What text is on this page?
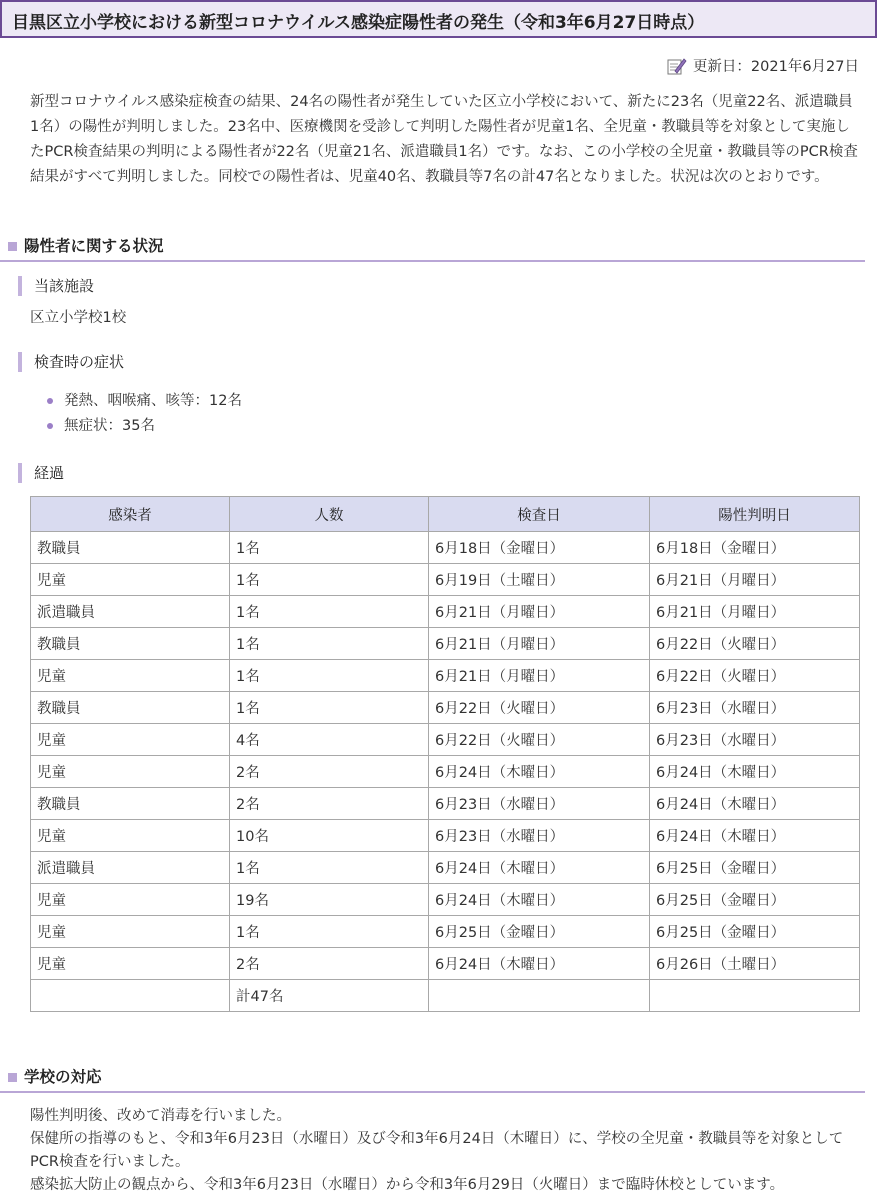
目黒区立小学校における新型コロナウイルス感染症陽性者の発生（令和3年6月27日時点）
更新日：2021年6月27日

新型コロナウイルス感染症検査の結果、24名の陽性者が発生していた区立小学校において、新たに23名（児童22名、派遣職員1名）の陽性が判明しました。23名中、医療機関を受診して判明した陽性者が児童1名、全児童・教職員等を対象として実施したPCR検査結果の判明による陽性者が22名（児童21名、派遣職員1名）です。なお、この小学校の全児童・教職員等のPCR検査結果がすべて判明しました。同校での陽性者は、児童40名、教職員等7名の計47名となりました。状況は次のとおりです。

陽性者に関する状況
当該施設

区立小学校1校

検査時の症状
発熱、咽喉痛、咳等：12名
無症状：35名
経過
感染者	人数	検査日	陽性判明日
教職員	1名	6月18日（金曜日）	6月18日（金曜日）
児童	1名	6月19日（土曜日）	6月21日（月曜日）
派遣職員	1名	6月21日（月曜日）	6月21日（月曜日）
教職員	1名	6月21日（月曜日）	6月22日（火曜日）
児童	1名	6月21日（月曜日）	6月22日（火曜日）
教職員	1名	6月22日（火曜日）	6月23日（水曜日）
児童	4名	6月22日（火曜日）	6月23日（水曜日）
児童	2名	6月24日（木曜日）	6月24日（木曜日）
教職員	2名	6月23日（水曜日）	6月24日（木曜日）
児童	10名	6月23日（水曜日）	6月24日（木曜日）
派遣職員	1名	6月24日（木曜日）	6月25日（金曜日）
児童	19名	6月24日（木曜日）	6月25日（金曜日）
児童	1名	6月25日（金曜日）	6月25日（金曜日）
児童	2名	6月24日（木曜日）	6月26日（土曜日）
	計47名		
学校の対応
陽性判明後、改めて消毒を行いました。
保健所の指導のもと、令和3年6月23日（水曜日）及び令和3年6月24日（木曜日）に、学校の全児童・教職員等を対象としてPCR検査を行いました。
感染拡大防止の観点から、令和3年6月23日（水曜日）から令和3年6月29日（火曜日）まで臨時休校としています。
